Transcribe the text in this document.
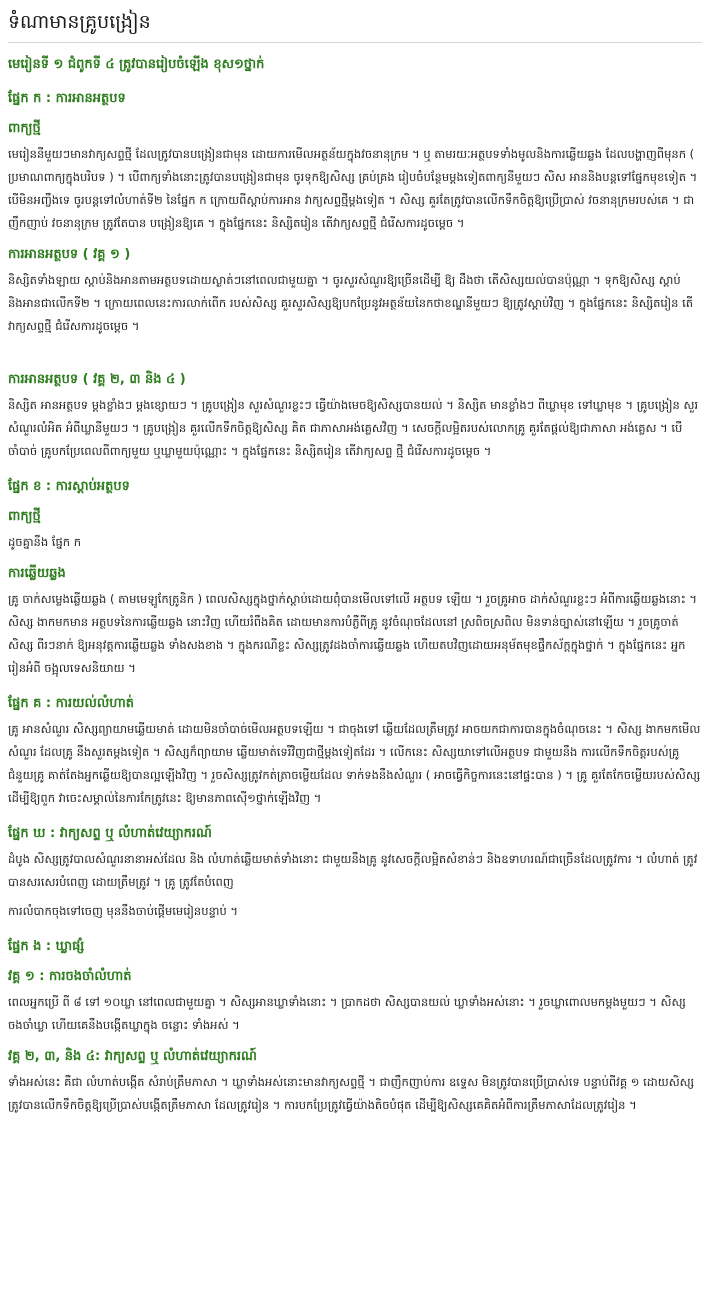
ទំណាមានគ្រូបង្រៀន
មេរៀនទី ១ ជំពូកទី ៤ ត្រូវបានរៀបចំឡើង ខុស១ថ្នាក់
ផ្នែក ក : ការអានអត្ថបទ
ពាក្យថ្មី

មេរៀននីមួយៗមានវាក្យសព្ទថ្មី ដែលត្រូវបានបង្រៀនជាមុន ដោយការមើលអត្ថន័យក្នុងវចនានុក្រម ។ ឬ តាមរយៈអត្ថបទទាំងមូលនិងការឆ្លើយឆ្លង ដែលបង្ហាញពីមុនក ( ប្រមាណពាក្យក្នុងបរិបទ ) ។ បើពាក្យទាំងនោះត្រូវបានបង្រៀនជាមុន ចូរទុកឱ្យសិស្ស គ្រប់គ្រង រៀបចំបន្ថែមម្តងទៀតពាក្យនីមួយៗ សិស អាននិងបន្តទៅផ្នែកមុខទៀត ។ បើមិនអញ្ចឹងទេ ចូរបន្តទៅលំហាត់ទី២ នៃផ្នែក ក ក្រោយពីស្តាប់ការអាន វាក្យសព្ទថ្មីម្តងទៀត ។ សិស្ស គួរតែត្រូវបានលើកទឹកចិត្តឱ្យប្រើប្រាស់ វចនានុក្រមរបស់គេ ។ ជាញឹកញាប់ វចនានុក្រម ត្រូវតែបាន បង្រៀនឱ្យគេ ។ ក្នុងផ្នែកនេះ និស្សិតរៀន តើវាក្យសព្ទថ្មី ជំរើសការដូចម្តេច ។

ការអានអត្ថបទ ( វគ្គ ១ )

និស្សិតទាំងឡាយ ស្តាប់និងអានតាមអត្ថបទដោយស្ងាត់ៗនៅពេលជាមួយគ្នា ។ ចូរសួរសំណួរឱ្យច្រើនដើម្បី ឱ្យ ដឹងថា តើសិស្សយល់បានប៉ុណ្ណា ។ ទុកឱ្យសិស្ស ស្តាប់និងអានជាលើកទី២ ។ ក្រោយពេលនេះការលាក់ពើក របស់សិស្ស គួរសួរសិស្សឱ្យបកប្រែនូវអត្ថន័យនៃកថាខណ្ឌនីមួយៗ ឱ្យត្រូវស្តាប់វិញ ។ ក្នុងផ្នែកនេះ និស្សិតរៀន តើវាក្យសព្ទថ្មី ជំរើសការដូចម្តេច ។

ការអានអត្ថបទ ( វគ្គ ២, ៣ និង ៤ )

និស្សិត អានអត្ថបទ ម្តងខ្លាំងៗ ម្តងខ្សោយៗ ។ គ្រូបង្រៀន សួរសំណួរខ្លះៗ ធ្វើយ៉ាងមេចឱ្យសិស្សបានយល់ ។ និស្សិត មានខ្លាំងៗ ពីឃ្លាមុខ ទៅឃ្លាមុខ ។ គ្រូបង្រៀន សួរសំណួរលំអិត អំពីឃ្លានីមួយៗ ។ គ្រូបង្រៀន គួរលើកទឹកចិត្តឱ្យសិស្ស គិត ជាភាសាអង់គ្លេសវិញ ។ សេចក្តីលម្អិតរបស់លោកគ្រូ គួរតែផ្តល់ឱ្យជាភាសា អង់គ្លេស ។ បើចាំបាច់ គ្រូបកប្រែពេលពីពាក្យមួយ ឬឃ្លាមួយប៉ុណ្ណោះ ។ ក្នុងផ្នែកនេះ និស្សិតរៀន តើវាក្យសព្ទ ថ្មី ជំរើសការដូចម្តេច ។

ផ្នែក ខ : ការស្តាប់អត្ថបទ
ពាក្យថ្មី

ដូចគ្នានឹង ផ្នែក ក

ការឆ្លើយឆ្លង

គ្រូ ចាក់សម្លេងឆ្លើយឆ្លង ( តាមមេឡូកែត្រូនិក ) ពេលសិស្សក្នុងថ្នាក់ស្តាប់ដោយពុំបានមើលទៅលើ អត្ថបទ ឡើយ ។ រួចគ្រូអាច ដាក់សំណួរខ្លះៗ អំពីការឆ្លើយឆ្លងនោះ ។ សិស្ស ងាកមកមាន អត្ថបទនៃការឆ្លើយឆ្លង នោះវិញ ហើយរំពឹងគិត ដោយមានការបំភ្លឺពីគ្រូ នូវចំណុចដែលនៅ ស្រពិចស្រពិល មិនទាន់ច្បាស់នៅឡើយ ។ រួចគ្រូចាត់សិស្ស ពីរៗនាក់ ឱ្យអនុវត្តការឆ្លើយឆ្លង ទាំងសងខាង ។ ក្នុងករណីខ្លះ សិស្សត្រូវដងចាំការឆ្លើយឆ្លង ហើយតបវិញដោយអនុម័តមុខផ្ទឹកស័ក្តក្នុងថ្នាក់ ។ ក្នុងផ្នែកនេះ អ្នករៀនអំពី ចង្អុលទេសនិយាយ ។

ផ្នែក គ : ការយល់លំហាត់

គ្រូ អានសំណួរ សិស្សព្យាយាមឆ្លើយមាត់ ដោយមិនចាំបាច់មើលអត្ថបទឡើយ ។ ជាចុងទៅ ឆ្លើយដែលត្រឹមត្រូវ អាចយកជាការបានក្នុងចំណុចនេះ ។ សិស្ស ងាកមកមើលសំណួរ ដែលគ្រូ នឹងសួរតម្តងទៀត ។ សិស្សក៏ព្យាយាម ឆ្លើយមាត់ទេរីវិញជាថ្មីម្តងទៀតដែរ ។ លើកនេះ សិស្សយាទៅលើអត្ថបទ ជាមួយនឹង ការលើកទឹកចិត្តរបស់គ្រូ ជំនួយគ្រូ គាត់តែងអ្នកឆ្លើយឱ្យបានល្អឡើងវិញ ។ រួចសិស្សត្រូវកត់ត្រាចម្លើយដែល ទាក់ទងនឹងសំណួរ ( អាចធ្វើកិច្ចការនេះនៅផ្ទះបាន ) ។ គ្រូ គួរតែកែចម្លើយរបស់សិស្ស ដើម្បីឱ្យពួក វាចេះសម្គាល់នៃការកែត្រូវនេះ ឱ្យមានភាពស៊ើ១ថ្នាក់ឡើងវិញ ។

ផ្នែក ឃ : វាក្យសព្ទ ឬ លំហាត់វេយ្យាករណ៍

ដំបូង សិស្សត្រូវបាលសំណួរនានាអស់ដែល និង លំហាត់ឆ្លើយមាត់ទាំងនោះ ជាមួយនឹងគ្រូ នូវសេចក្តីលម្អិតសំខាន់ៗ និងឧទាហរណ៍ជាច្រើនដែលត្រូវការ ។ លំហាត់ ត្រូវបានសរសេរបំពេញ ដោយត្រឹមត្រូវ ។ គ្រូ ត្រូវតែបំពេញ

ការលំបាកចុងទៅចេញ មុននឹងចាប់ផ្តើមមេរៀនបន្ទាប់ ។

ផ្នែក ង : ឃ្លាផ្សំ
វគ្គ ១ : ការចងចាំលំហាត់

ពេលអ្នកប្រើ ពី ៨ ទៅ ១០ឃ្លា នៅពេលជាមួយគ្នា ។ សិស្សអានឃ្លាទាំងនោះ ។ ប្រាកដថា សិស្សបានយល់ ឃ្លាទាំងអស់នោះ ។ រួចឃ្លាពោលមកម្តងមួយៗ ។ សិស្សចងចាំឃ្លា ហើយគេនឹងបង្កើតឃ្លាក្នុង ចន្លោះ ទាំងអស់ ។

វគ្គ ២, ៣, និង ៤: វាក្យសព្ទ ឬ លំហាត់វេយ្យាករណ៍

ទាំងអស់នេះ គឺជា លំហាត់បង្កើត សំរាប់ត្រឹមភាសា ។ ឃ្លាទាំងអស់នោះមានវាក្យសព្ទថ្មី ។ ជាញឹកញាប់ការ ឧទ្ទេស មិនត្រូវបានប្រើប្រាស់ទេ បន្ទាប់ពីវគ្គ ១ ដោយសិស្សត្រូវបានលើកទឹកចិត្តឱ្យប្រើប្រាស់បង្កើតត្រឹមភាសា ដែលត្រូវរៀន ។ ការបកប្រែត្រូវធ្វើយ៉ាងតិចបំផុត ដើម្បីឱ្យសិស្សគេគិតអំពីការត្រឹមភាសាដែលត្រូវរៀន ។
